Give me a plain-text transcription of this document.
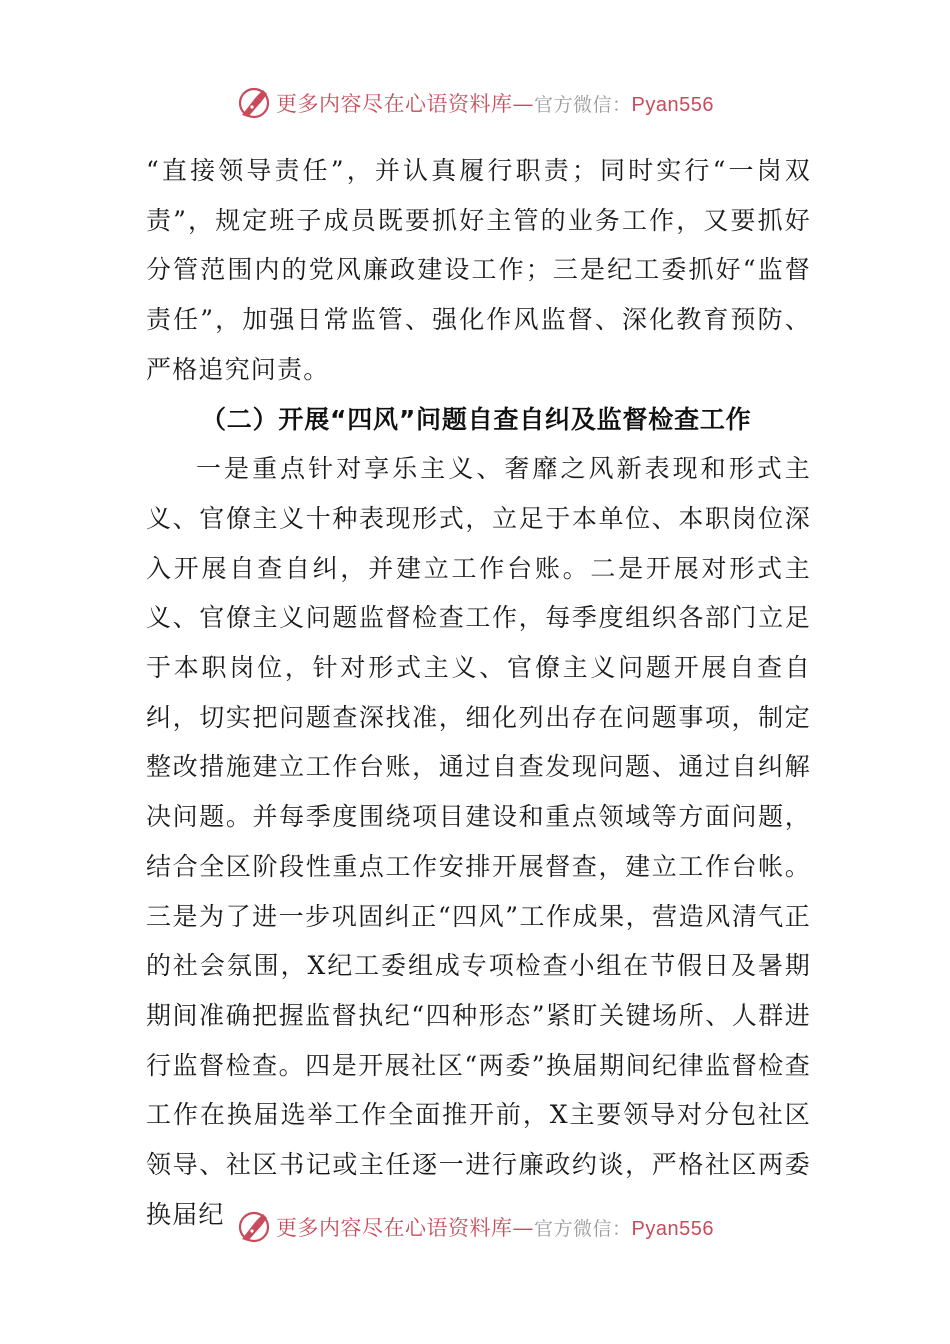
更多内容尽在心语资料库—官方微信：Pyan556

“直接领导责任”，并认真履行职责；同时实行“一岗双责”，规定班子成员既要抓好主管的业务工作，又要抓好分管范围内的党风廉政建设工作；三是纪工委抓好“监督责任”，加强日常监管、强化作风监督、深化教育预防、严格追究问责。

（二）开展“四风”问题自查自纠及监督检查工作

一是重点针对享乐主义、奢靡之风新表现和形式主义、官僚主义十种表现形式，立足于本单位、本职岗位深入开展自查自纠，并建立工作台账。二是开展对形式主义、官僚主义问题监督检查工作，每季度组织各部门立足于本职岗位，针对形式主义、官僚主义问题开展自查自纠，切实把问题查深找准，细化列出存在问题事项，制定整改措施建立工作台账，通过自查发现问题、通过自纠解决问题。并每季度围绕项目建设和重点领域等方面问题，结合全区阶段性重点工作安排开展督查，建立工作台帐。三是为了进一步巩固纠正“四风”工作成果，营造风清气正的社会氛围，X纪工委组成专项检查小组在节假日及暑期期间准确把握监督执纪“四种形态”紧盯关键场所、人群进行监督检查。四是开展社区“两委”换届期间纪律监督检查工作在换届选举工作全面推开前，X主要领导对分包社区领导、社区书记或主任逐一进行廉政约谈，严格社区两委换届纪	更多内容尽在心语资料库—官方微信：Pyan556
